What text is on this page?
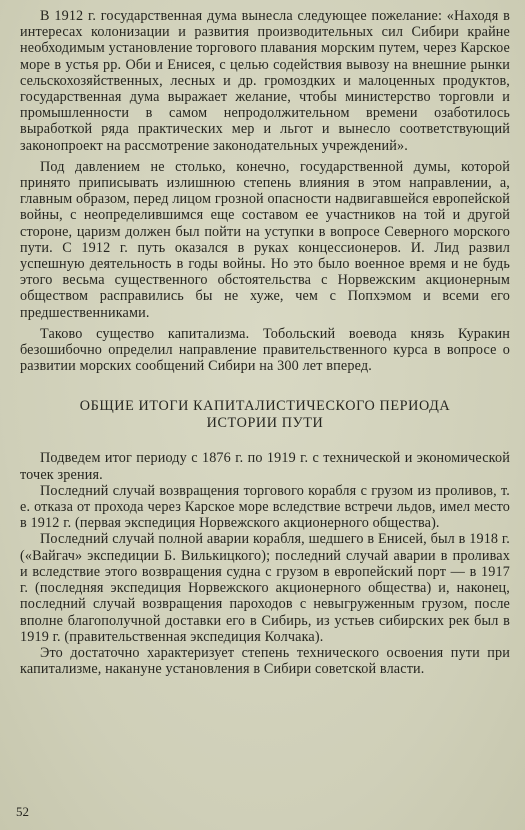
В 1912 г. государственная дума вынесла следующее пожелание: «Находя в интересах колонизации и развития производительных сил Сибири крайне необходимым установление торгового плавания морским путем, через Карское море в устья рр. Оби и Енисея, с целью содействия вывозу на внешние рынки сельскохозяйственных, лесных и др. громоздких и малоценных продуктов, государственная дума выражает желание, чтобы министерство торговли и промышленности в самом непродолжительном времени озаботилось выработкой ряда практических мер и льгот и вынесло соответствующий законопроект на рассмотрение законодательных учреждений».

Под давлением не столько, конечно, государственной думы, которой принято приписывать излишнюю степень влияния в этом направлении, а, главным образом, перед лицом грозной опасности надвигавшейся европейской войны, с неопределившимся еще составом ее участников на той и другой стороне, царизм должен был пойти на уступки в вопросе Северного морского пути. С 1912 г. путь оказался в руках концессионеров. И. Лид развил успешную деятельность в годы войны. Но это было военное время и не будь этого весьма существенного обстоятельства с Норвежским акционерным обществом расправились бы не хуже, чем с Попхэмом и всеми его предшественниками.

Таково существо капитализма. Тобольский воевода князь Куракин безошибочно определил направление правительственного курса в вопросе о развитии морских сообщений Сибири на 300 лет вперед.

ОБЩИЕ ИТОГИ КАПИТАЛИСТИЧЕСКОГО ПЕРИОДА
ИСТОРИИ ПУТИ

Подведем итог периоду с 1876 г. по 1919 г. с технической и экономической точек зрения.

Последний случай возвращения торгового корабля с грузом из проливов, т. е. отказа от прохода через Карское море вследствие встречи льдов, имел место в 1912 г. (первая экспедиция Норвежского акционерного общества).

Последний случай полной аварии корабля, шедшего в Енисей, был в 1918 г. («Вайгач» экспедиции Б. Вилькицкого); последний случай аварии в проливах и вследствие этого возвращения судна с грузом в европейский порт — в 1917 г. (последняя экспедиция Норвежского акционерного общества) и, наконец, последний случай возвращения пароходов с невыгруженным грузом, после вполне благополучной доставки его в Сибирь, из устьев сибирских рек был в 1919 г. (правительственная экспедиция Колчака).

Это достаточно характеризует степень технического освоения пути при капитализме, накануне установления в Сибири советской власти.

52
